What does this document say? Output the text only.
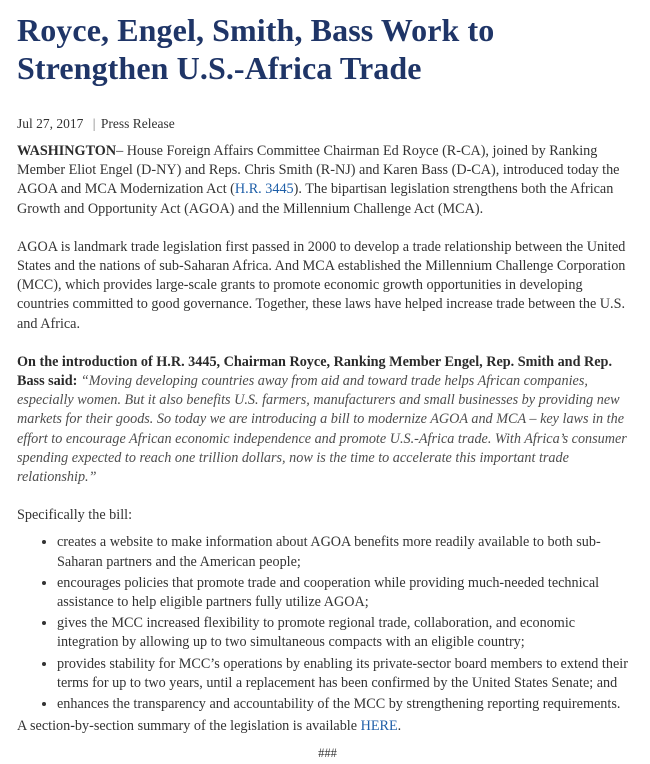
Royce, Engel, Smith, Bass Work to Strengthen U.S.-Africa Trade
Jul 27, 2017 | Press Release

WASHINGTON– House Foreign Affairs Committee Chairman Ed Royce (R-CA), joined by Ranking Member Eliot Engel (D-NY) and Reps. Chris Smith (R-NJ) and Karen Bass (D-CA), introduced today the AGOA and MCA Modernization Act (H.R. 3445). The bipartisan legislation strengthens both the African Growth and Opportunity Act (AGOA) and the Millennium Challenge Act (MCA).

AGOA is landmark trade legislation first passed in 2000 to develop a trade relationship between the United States and the nations of sub-Saharan Africa. And MCA established the Millennium Challenge Corporation (MCC), which provides large-scale grants to promote economic growth opportunities in developing countries committed to good governance. Together, these laws have helped increase trade between the U.S. and Africa.

On the introduction of H.R. 3445, Chairman Royce, Ranking Member Engel, Rep. Smith and Rep. Bass said: “Moving developing countries away from aid and toward trade helps African companies, especially women. But it also benefits U.S. farmers, manufacturers and small businesses by providing new markets for their goods. So today we are introducing a bill to modernize AGOA and MCA – key laws in the effort to encourage African economic independence and promote U.S.-Africa trade. With Africa’s consumer spending expected to reach one trillion dollars, now is the time to accelerate this important trade relationship.”

Specifically the bill:

• creates a website to make information about AGOA benefits more readily available to both sub-Saharan partners and the American people;
• encourages policies that promote trade and cooperation while providing much-needed technical assistance to help eligible partners fully utilize AGOA;
• gives the MCC increased flexibility to promote regional trade, collaboration, and economic integration by allowing up to two simultaneous compacts with an eligible country;
• provides stability for MCC’s operations by enabling its private-sector board members to extend their terms for up to two years, until a replacement has been confirmed by the United States Senate; and
• enhances the transparency and accountability of the MCC by strengthening reporting requirements.

A section-by-section summary of the legislation is available HERE.

###
